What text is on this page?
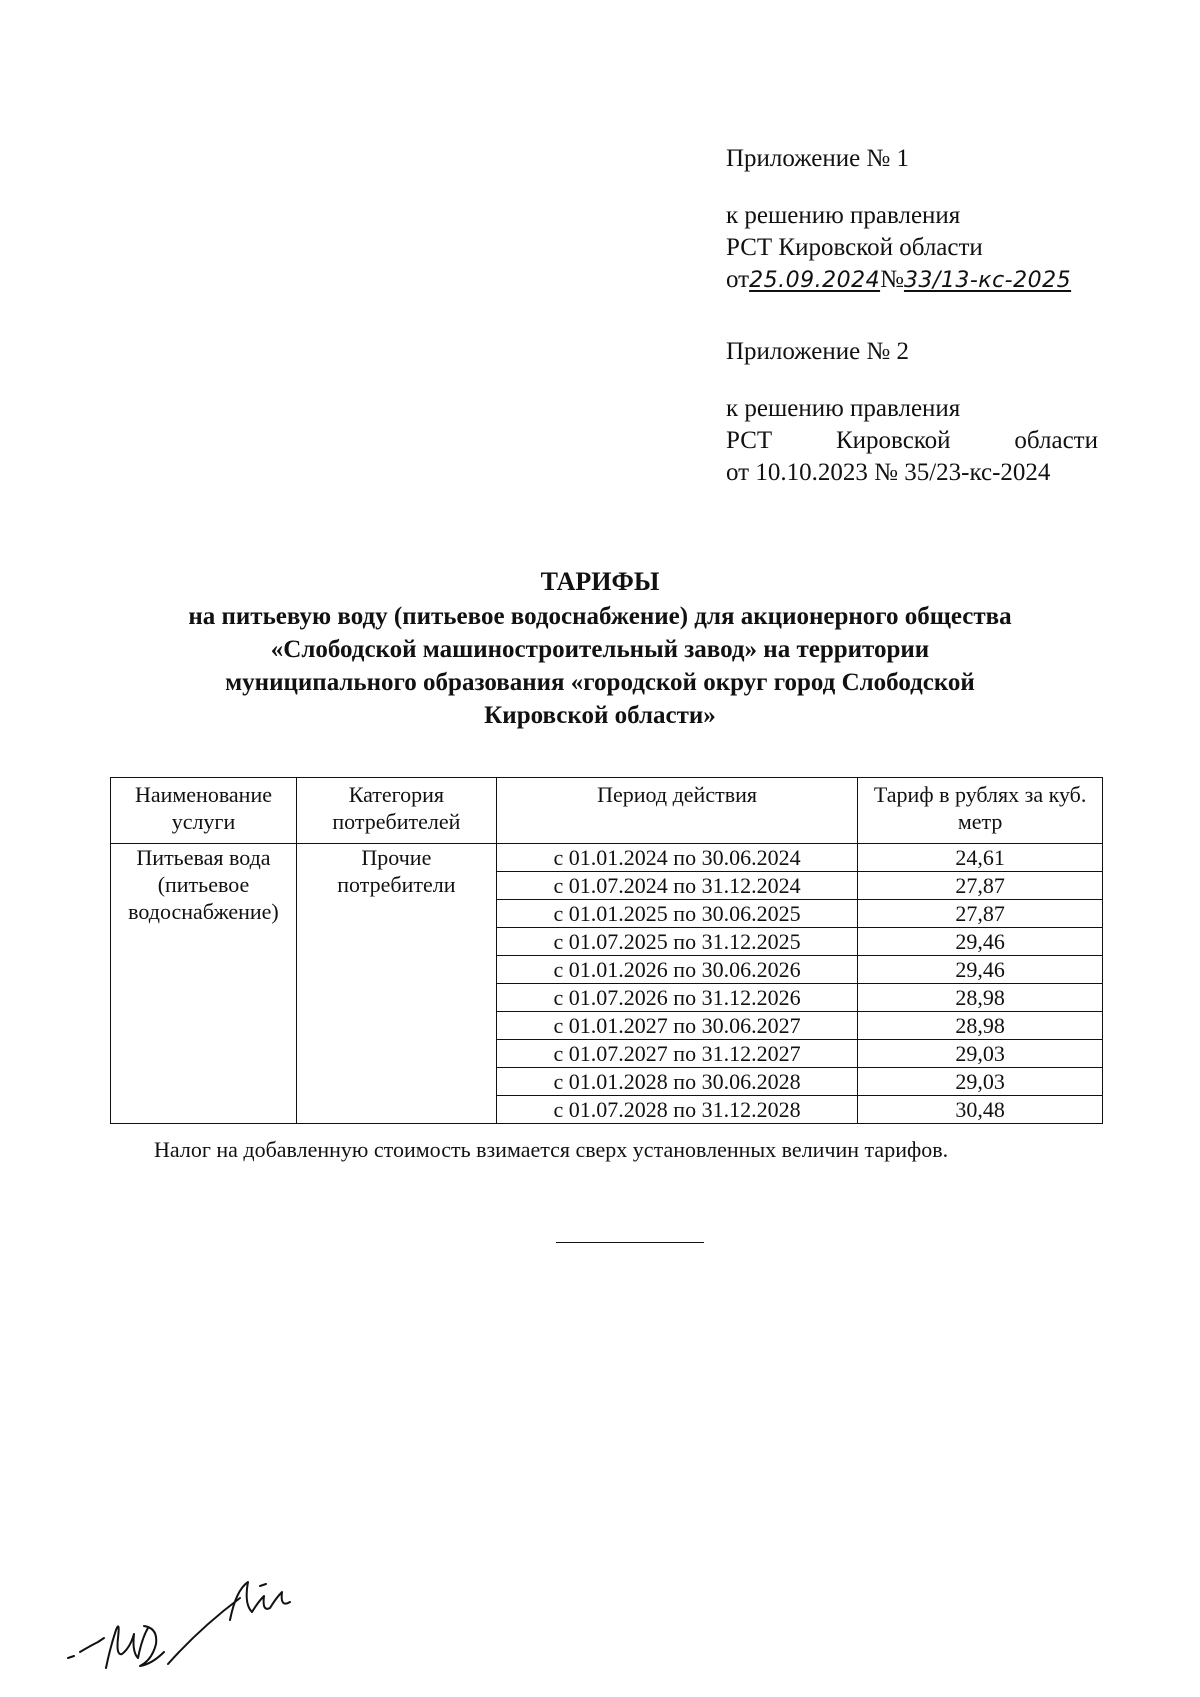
Приложение № 1
к решению правления
РСТ Кировской области
от25.09.2024№33/13-кс-2025
Приложение № 2
к решению правления
РСТ	Кировской	области
от 10.10.2023 № 35/23-кс-2024
ТАРИФЫ
на питьевую воду (питьевое водоснабжение) для акционерного общества
«Слободской машиностроительный завод» на территории
муниципального образования «городской округ город Слободской
Кировской области»
Наименование услуги	Категория потребителей	Период действия	Тариф в рублях за куб. метр
Питьевая вода (питьевое водоснабжение)	Прочие потребители	с 01.01.2024 по 30.06.2024	24,61
		с 01.07.2024 по 31.12.2024	27,87
		с 01.01.2025 по 30.06.2025	27,87
		с 01.07.2025 по 31.12.2025	29,46
		с 01.01.2026 по 30.06.2026	29,46
		с 01.07.2026 по 31.12.2026	28,98
		с 01.01.2027 по 30.06.2027	28,98
		с 01.07.2027 по 31.12.2027	29,03
		с 01.01.2028 по 30.06.2028	29,03
		с 01.07.2028 по 31.12.2028	30,48
Налог на добавленную стоимость взимается сверх установленных величин тарифов.
